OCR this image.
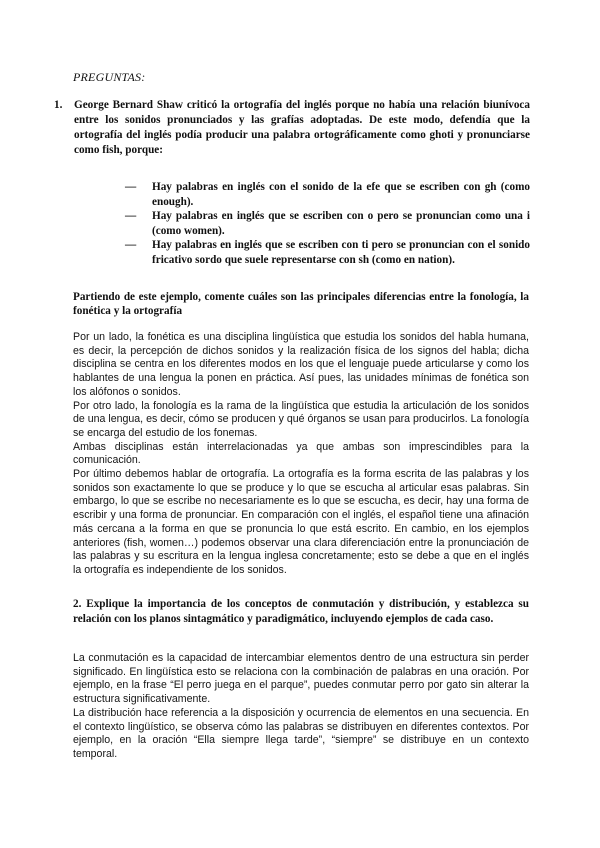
PREGUNTAS:
1. George Bernard Shaw criticó la ortografía del inglés porque no había una relación biunívoca entre los sonidos pronunciados y las grafías adoptadas. De este modo, defendía que la ortografía del inglés podía producir una palabra ortográficamente como ghoti y pronunciarse como fish, porque:
— Hay palabras en inglés con el sonido de la efe que se escriben con gh (como enough).
— Hay palabras en inglés que se escriben con o pero se pronuncian como una i (como women).
— Hay palabras en inglés que se escriben con ti pero se pronuncian con el sonido fricativo sordo que suele representarse con sh (como en nation).
Partiendo de este ejemplo, comente cuáles son las principales diferencias entre la fonología, la fonética y la ortografía

Por un lado, la fonética es una disciplina lingüística que estudia los sonidos del habla humana, es decir, la percepción de dichos sonidos y la realización física de los signos del habla; dicha disciplina se centra en los diferentes modos en los que el lenguaje puede articularse y como los hablantes de una lengua la ponen en práctica. Así pues, las unidades mínimas de fonética son los alófonos o sonidos.

Por otro lado, la fonología es la rama de la lingüística que estudia la articulación de los sonidos de una lengua, es decir, cómo se producen y qué órganos se usan para producirlos. La fonología se encarga del estudio de los fonemas.

Ambas disciplinas están interrelacionadas ya que ambas son imprescindibles para la comunicación.

Por último debemos hablar de ortografía. La ortografía es la forma escrita de las palabras y los sonidos son exactamente lo que se produce y lo que se escucha al articular esas palabras. Sin embargo, lo que se escribe no necesariamente es lo que se escucha, es decir, hay una forma de escribir y una forma de pronunciar. En comparación con el inglés, el español tiene una afinación más cercana a la forma en que se pronuncia lo que está escrito. En cambio, en los ejemplos anteriores (fish, women…) podemos observar una clara diferenciación entre la pronunciación de las palabras y su escritura en la lengua inglesa concretamente; esto se debe a que en el inglés la ortografía es independiente de los sonidos.

2. Explique la importancia de los conceptos de conmutación y distribución, y establezca su relación con los planos sintagmático y paradigmático, incluyendo ejemplos de cada caso.

La conmutación es la capacidad de intercambiar elementos dentro de una estructura sin perder significado. En lingüística esto se relaciona con la combinación de palabras en una oración. Por ejemplo, en la frase “El perro juega en el parque”, puedes conmutar perro por gato sin alterar la estructura significativamente.

La distribución hace referencia a la disposición y ocurrencia de elementos en una secuencia. En el contexto lingüístico, se observa cómo las palabras se distribuyen en diferentes contextos. Por ejemplo, en la oración “Ella siempre llega tarde”, “siempre” se distribuye en un contexto temporal.
